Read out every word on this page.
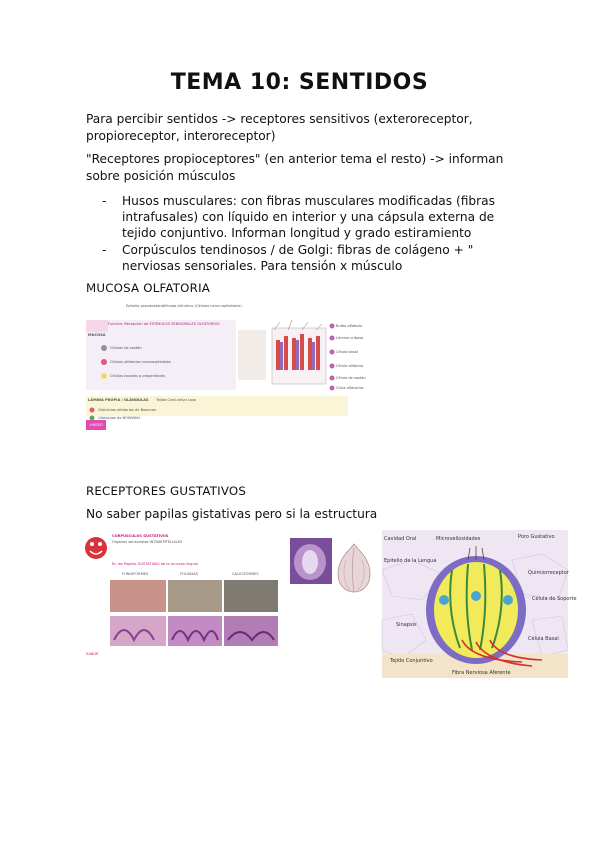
TEMA 10: SENTIDOS
Para percibir sentidos -> receptores sensitivos (exteroreceptor, propioreceptor, interoreceptor)
"Receptores propioceptores" (en anterior tema el resto) -> informan sobre posición músculos
- Husos musculares: con fibras musculares modificadas (fibras intrafusales) con líquido en interior y una cápsula externa de tejido conjuntivo. Informan longitud y grado estiramiento
- Corpúsculos tendinosos / de Golgi: fibras de colágeno + " nerviosas sensoriales. Para tensión x músculo
MUCOSA OLFATORIA
Epitelio pseudoestratificado cilíndrico (Células neuro-epiteliales)
Función: Recepción de ESTÍMULOS SENSORIALES OLFATORIOS
MUCOSA
Células de sostén
Células olfatorias neuroepiteliales
Células basales o progenitoras
LÁMINA PROPIA / GLÁNDULAS Tejido Conjuntivo Laxo
Glándulas olfatorias de Bowman
Glándulas de BOWMAN
HUESO
Bulbo olfatorio
Lámina cribosa
Célula basal
Célula olfatoria
Célula de sostén
Cilios olfatorios
RECEPTORES GUSTATIVOS
No saber papilas gistativas pero si la estructura
CORPÚSCULOS GUSTATIVOS
Órganos sensoriales INTRAEPITELIALES
En las Papilas GUSTATIVAS de la mucosa lingual
FUNGIFORMES	FOLIADAS	CALICIFORMES
SABOR
Cavidad Oral	Microvellosidades	Poro Gustativo
Epitelio de la Lengua
Quimiorreceptor
Célula de Soporte
Sinapsis
Célula Basal
Tejido Conjuntivo
Fibra Nerviosa Aferente
